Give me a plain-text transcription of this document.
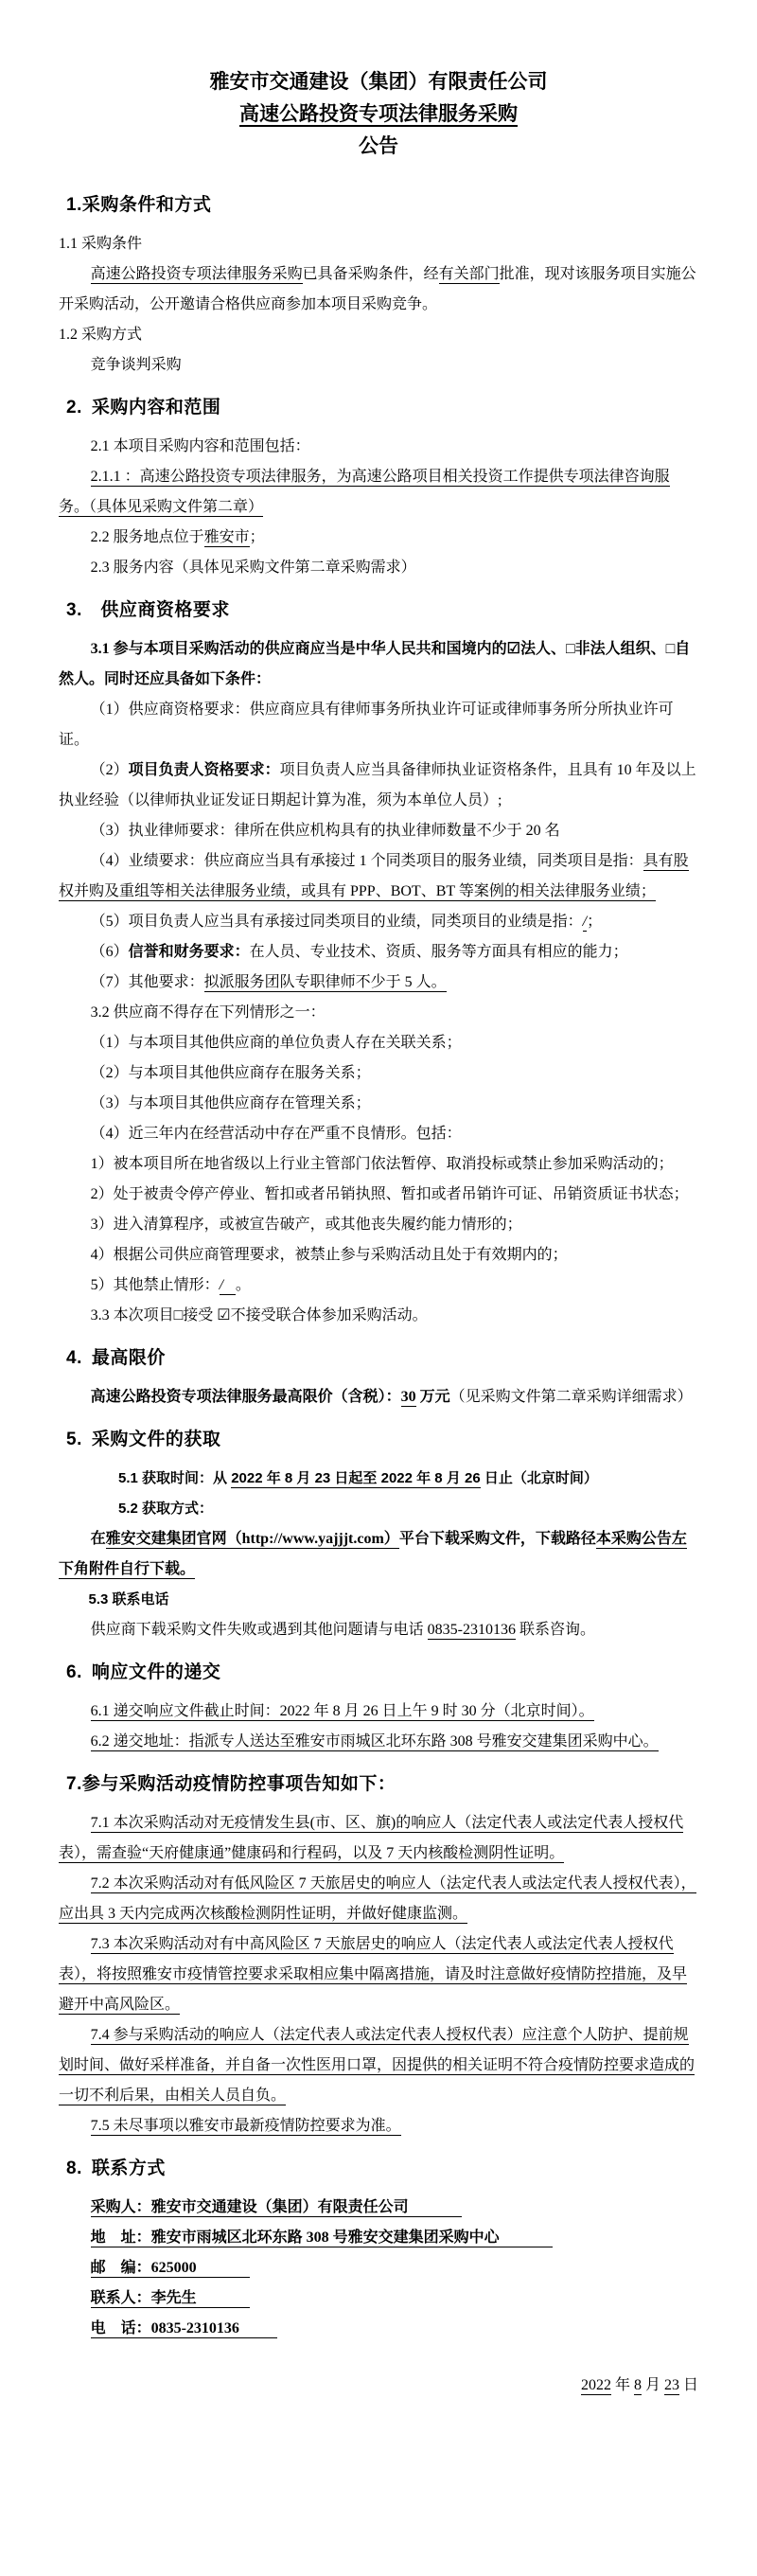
雅安市交通建设（集团）有限责任公司
高速公路投资专项法律服务采购
公告
1.采购条件和方式

1.1 采购条件

高速公路投资专项法律服务采购已具备采购条件，经有关部门批准，现对该服务项目实施公开采购活动，公开邀请合格供应商参加本项目采购竞争。

1.2 采购方式

竞争谈判采购

2. 采购内容和范围

2.1 本项目采购内容和范围包括：

2.1.1 ：高速公路投资专项法律服务，为高速公路项目相关投资工作提供专项法律咨询服务。（具体见采购文件第二章）

2.2 服务地点位于雅安市；

2.3 服务内容（具体见采购文件第二章采购需求）

3. 供应商资格要求

3.1 参与本项目采购活动的供应商应当是中华人民共和国境内的☑法人、□非法人组织、□自然人。同时还应具备如下条件：

（1）供应商资格要求：供应商应具有律师事务所执业许可证或律师事务所分所执业许可证。

（2）项目负责人资格要求：项目负责人应当具备律师执业证资格条件，且具有 10 年及以上执业经验（以律师执业证发证日期起计算为准，须为本单位人员）;

（3）执业律师要求：律所在供应机构具有的执业律师数量不少于 20 名

（4）业绩要求：供应商应当具有承接过 1 个同类项目的服务业绩，同类项目是指：具有股权并购及重组等相关法律服务业绩，或具有 PPP、BOT、BT 等案例的相关法律服务业绩；

（5）项目负责人应当具有承接过同类项目的业绩，同类项目的业绩是指：/；

（6）信誉和财务要求：在人员、专业技术、资质、服务等方面具有相应的能力；

（7）其他要求：拟派服务团队专职律师不少于 5 人。

3.2 供应商不得存在下列情形之一：

（1）与本项目其他供应商的单位负责人存在关联关系；

（2）与本项目其他供应商存在服务关系；

（3）与本项目其他供应商存在管理关系；

（4）近三年内在经营活动中存在严重不良情形。包括：

1）被本项目所在地省级以上行业主管部门依法暂停、取消投标或禁止参加采购活动的；

2）处于被责令停产停业、暂扣或者吊销执照、暂扣或者吊销许可证、吊销资质证书状态；

3）进入清算程序，或被宣告破产，或其他丧失履约能力情形的；

4）根据公司供应商管理要求，被禁止参与采购活动且处于有效期内的；

5）其他禁止情形：/ 。

3.3 本次项目□接受 ☑不接受联合体参加采购活动。

4. 最高限价

高速公路投资专项法律服务最高限价（含税）：30 万元（见采购文件第二章采购详细需求）

5. 采购文件的获取

5.1 获取时间：从 2022 年 8 月 23 日起至 2022 年 8 月 26 日止（北京时间）

5.2 获取方式：

在雅安交建集团官网（http://www.yajjjt.com）平台下载采购文件，下载路径本采购公告左下角附件自行下载。

5.3 联系电话

供应商下载采购文件失败或遇到其他问题请与电话 0835-2310136 联系咨询。

6. 响应文件的递交

6.1 递交响应文件截止时间：2022 年 8 月 26 日上午 9 时 30 分（北京时间）。

6.2 递交地址：指派专人送达至雅安市雨城区北环东路 308 号雅安交建集团采购中心。

7.参与采购活动疫情防控事项告知如下：

7.1 本次采购活动对无疫情发生县(市、区、旗)的响应人（法定代表人或法定代表人授权代表），需查验“天府健康通”健康码和行程码，以及 7 天内核酸检测阴性证明。

7.2 本次采购活动对有低风险区 7 天旅居史的响应人（法定代表人或法定代表人授权代表），应出具 3 天内完成两次核酸检测阴性证明，并做好健康监测。

7.3 本次采购活动对有中高风险区 7 天旅居史的响应人（法定代表人或法定代表人授权代表），将按照雅安市疫情管控要求采取相应集中隔离措施，请及时注意做好疫情防控措施，及早避开中高风险区。

7.4 参与采购活动的响应人（法定代表人或法定代表人授权代表）应注意个人防护、提前规划时间、做好采样准备，并自备一次性医用口罩，因提供的相关证明不符合疫情防控要求造成的一切不利后果，由相关人员自负。

7.5 未尽事项以雅安市最新疫情防控要求为准。

8. 联系方式

采购人：雅安市交通建设（集团）有限责任公司

地　址：雅安市雨城区北环东路 308 号雅安交建集团采购中心

邮　编：625000

联系人：李先生

电　话：0835-2310136

2022 年 8 月 23 日
